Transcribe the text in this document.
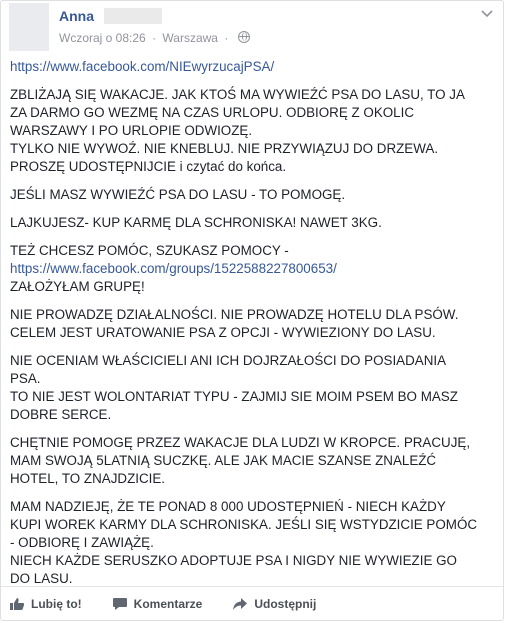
Anna
Wczoraj o 08:26 · Warszawa ·

https://www.facebook.com/NIEwyrzucajPSA/

ZBLIŻAJĄ SIĘ WAKACJE. JAK KTOŚ MA WYWIEŹĆ PSA DO LASU, TO JA
ZA DARMO GO WEZMĘ NA CZAS URLOPU. ODBIORĘ Z OKOLIC
WARSZAWY I PO URLOPIE ODWIOZĘ.
TYLKO NIE WYWOŹ. NIE KNEBLUJ. NIE PRZYWIĄZUJ DO DRZEWA.
PROSZĘ UDOSTĘPNIJCIE i czytać do końca.

JEŚLI MASZ WYWIEŹĆ PSA DO LASU - TO POMOGĘ.

LAJKUJESZ- KUP KARMĘ DLA SCHRONISKA! NAWET 3KG.

TEŻ CHCESZ POMÓC, SZUKASZ POMOCY -
https://www.facebook.com/groups/1522588227800653/
ZAŁOŻYŁAM GRUPĘ!

NIE PROWADZĘ DZIAŁALNOŚCI. NIE PROWADZĘ HOTELU DLA PSÓW.
CELEM JEST URATOWANIE PSA Z OPCJI - WYWIEZIONY DO LASU.

NIE OCENIAM WŁAŚCICIELI ANI ICH DOJRZAŁOŚCI DO POSIADANIA
PSA.
TO NIE JEST WOLONTARIAT TYPU - ZAJMIJ SIE MOIM PSEM BO MASZ
DOBRE SERCE.

CHĘTNIE POMOGĘ PRZEZ WAKACJE DLA LUDZI W KROPCE. PRACUJĘ,
MAM SWOJĄ 5LATNIĄ SUCZKĘ. ALE JAK MACIE SZANSE ZNALEŹĆ
HOTEL, TO ZNAJDZICIE.

MAM NADZIEJĘ, ŻE TE PONAD 8 000 UDOSTĘPNIEŃ - NIECH KAŻDY
KUPI WOREK KARMY DLA SCHRONISKA. JEŚLI SIĘ WSTYDZICIE POMÓC
- ODBIORĘ I ZAWIĄŻĘ.
NIECH KAŻDE SERUSZKO ADOPTUJE PSA I NIGDY NIE WYWIEZIE GO
DO LASU.

Lubię to!	Komentarze	Udostępnij
